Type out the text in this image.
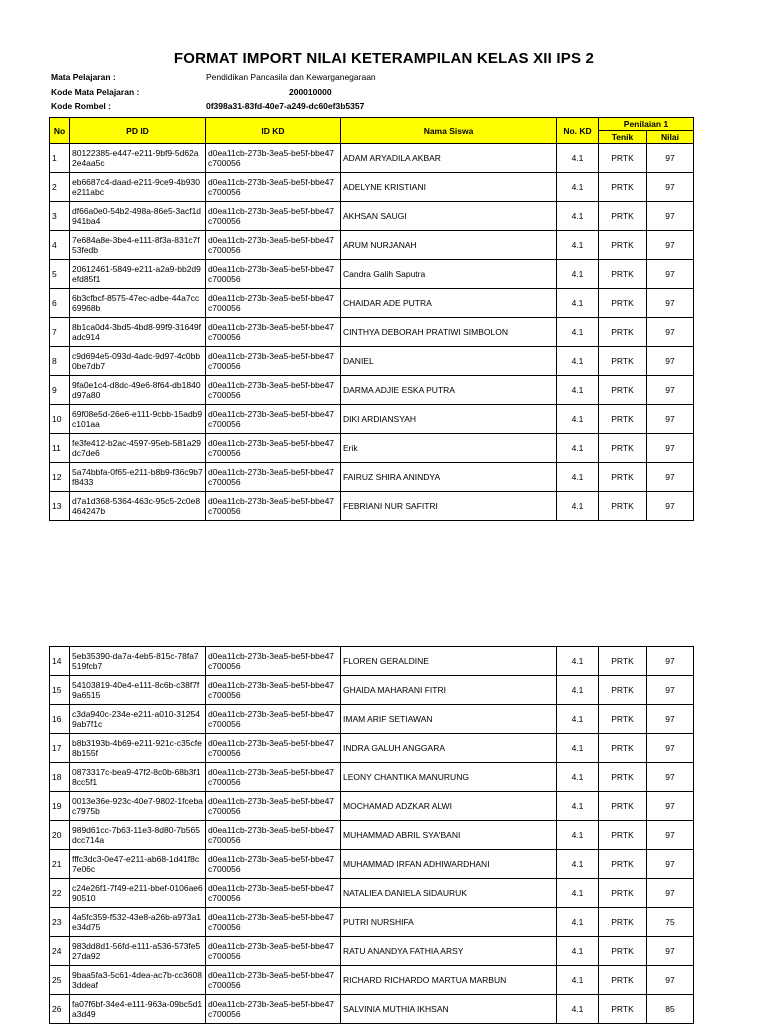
FORMAT IMPORT NILAI KETERAMPILAN KELAS XII IPS 2
Mata Pelajaran :	Pendidikan Pancasila dan Kewarganegaraan
Kode Mata Pelajaran :	200010000
Kode Rombel :	0f398a31-83fd-40e7-a249-dc60ef3b5357
No	PD ID	ID KD	Nama Siswa	No. KD	Penilaian 1	
					Tenik	Nilai
1	80122385-e447-e211-9bf9-5d62a2e4aa5c	d0ea11cb-273b-3ea5-be5f-bbe47c700056	ADAM ARYADILA AKBAR	4.1	PRTK	97
2	eb6687c4-daad-e211-9ce9-4b930e211abc	d0ea11cb-273b-3ea5-be5f-bbe47c700056	ADELYNE KRISTIANI	4.1	PRTK	97
3	df66a0e0-54b2-498a-86e5-3acf1d941ba4	d0ea11cb-273b-3ea5-be5f-bbe47c700056	AKHSAN SAUGI	4.1	PRTK	97
4	7e684a8e-3be4-e111-8f3a-831c7f53fedb	d0ea11cb-273b-3ea5-be5f-bbe47c700056	ARUM NURJANAH	4.1	PRTK	97
5	20612461-5849-e211-a2a9-bb2d9efd85f1	d0ea11cb-273b-3ea5-be5f-bbe47c700056	Candra Galih Saputra	4.1	PRTK	97
6	6b3cfbcf-8575-47ec-adbe-44a7cc69968b	d0ea11cb-273b-3ea5-be5f-bbe47c700056	CHAIDAR ADE PUTRA	4.1	PRTK	97
7	8b1ca0d4-3bd5-4bd8-99f9-31649fadc914	d0ea11cb-273b-3ea5-be5f-bbe47c700056	CINTHYA DEBORAH PRATIWI SIMBOLON	4.1	PRTK	97
8	c9d694e5-093d-4adc-9d97-4c0bb0be7db7	d0ea11cb-273b-3ea5-be5f-bbe47c700056	DANIEL	4.1	PRTK	97
9	9fa0e1c4-d8dc-49e6-8f64-db1840d97a80	d0ea11cb-273b-3ea5-be5f-bbe47c700056	DARMA ADJIE ESKA PUTRA	4.1	PRTK	97
10	69f08e5d-26e6-e111-9cbb-15adb9c101aa	d0ea11cb-273b-3ea5-be5f-bbe47c700056	DIKI ARDIANSYAH	4.1	PRTK	97
11	fe3fe412-b2ac-4597-95eb-581a29dc7de6	d0ea11cb-273b-3ea5-be5f-bbe47c700056	Erik	4.1	PRTK	97
12	5a74bbfa-0f65-e211-b8b9-f36c9b7f8433	d0ea11cb-273b-3ea5-be5f-bbe47c700056	FAIRUZ SHIRA ANINDYA	4.1	PRTK	97
13	d7a1d368-5364-463c-95c5-2c0e8464247b	d0ea11cb-273b-3ea5-be5f-bbe47c700056	FEBRIANI NUR SAFITRI	4.1	PRTK	97
14	5eb35390-da7a-4eb5-815c-78fa7519fcb7	d0ea11cb-273b-3ea5-be5f-bbe47c700056	FLOREN GERALDINE	4.1	PRTK	97
15	54103819-40e4-e111-8c6b-c38f7f9a6515	d0ea11cb-273b-3ea5-be5f-bbe47c700056	GHAIDA MAHARANI FITRI	4.1	PRTK	97
16	c3da940c-234e-e211-a010-312549ab7f1c	d0ea11cb-273b-3ea5-be5f-bbe47c700056	IMAM ARIF SETIAWAN	4.1	PRTK	97
17	b8b3193b-4b69-e211-921c-c35cfe8b155f	d0ea11cb-273b-3ea5-be5f-bbe47c700056	INDRA GALUH ANGGARA	4.1	PRTK	97
18	0873317c-bea9-47f2-8c0b-68b3f18cc5f1	d0ea11cb-273b-3ea5-be5f-bbe47c700056	LEONY CHANTIKA MANURUNG	4.1	PRTK	97
19	0013e36e-923c-40e7-9802-1fcebac7975b	d0ea11cb-273b-3ea5-be5f-bbe47c700056	MOCHAMAD ADZKAR ALWI	4.1	PRTK	97
20	989d61cc-7b63-11e3-8d80-7b565dcc714a	d0ea11cb-273b-3ea5-be5f-bbe47c700056	MUHAMMAD ABRIL SYA'BANI	4.1	PRTK	97
21	fffc3dc3-0e47-e211-ab68-1d41f8c7e06c	d0ea11cb-273b-3ea5-be5f-bbe47c700056	MUHAMMAD IRFAN ADHIWARDHANI	4.1	PRTK	97
22	c24e26f1-7f49-e211-bbef-0106ae690510	d0ea11cb-273b-3ea5-be5f-bbe47c700056	NATALIEA DANIELA SIDAURUK	4.1	PRTK	97
23	4a5fc359-f532-43e8-a26b-a973a1e34d75	d0ea11cb-273b-3ea5-be5f-bbe47c700056	PUTRI NURSHIFA	4.1	PRTK	75
24	983dd8d1-56fd-e111-a536-573fe527da92	d0ea11cb-273b-3ea5-be5f-bbe47c700056	RATU ANANDYA FATHIA ARSY	4.1	PRTK	97
25	9baa5fa3-5c61-4dea-ac7b-cc36083ddeaf	d0ea11cb-273b-3ea5-be5f-bbe47c700056	RICHARD RICHARDO MARTUA MARBUN	4.1	PRTK	97
26	fa07f6bf-34e4-e111-963a-09bc5d1a3d49	d0ea11cb-273b-3ea5-be5f-bbe47c700056	SALVINIA MUTHIA IKHSAN	4.1	PRTK	85
